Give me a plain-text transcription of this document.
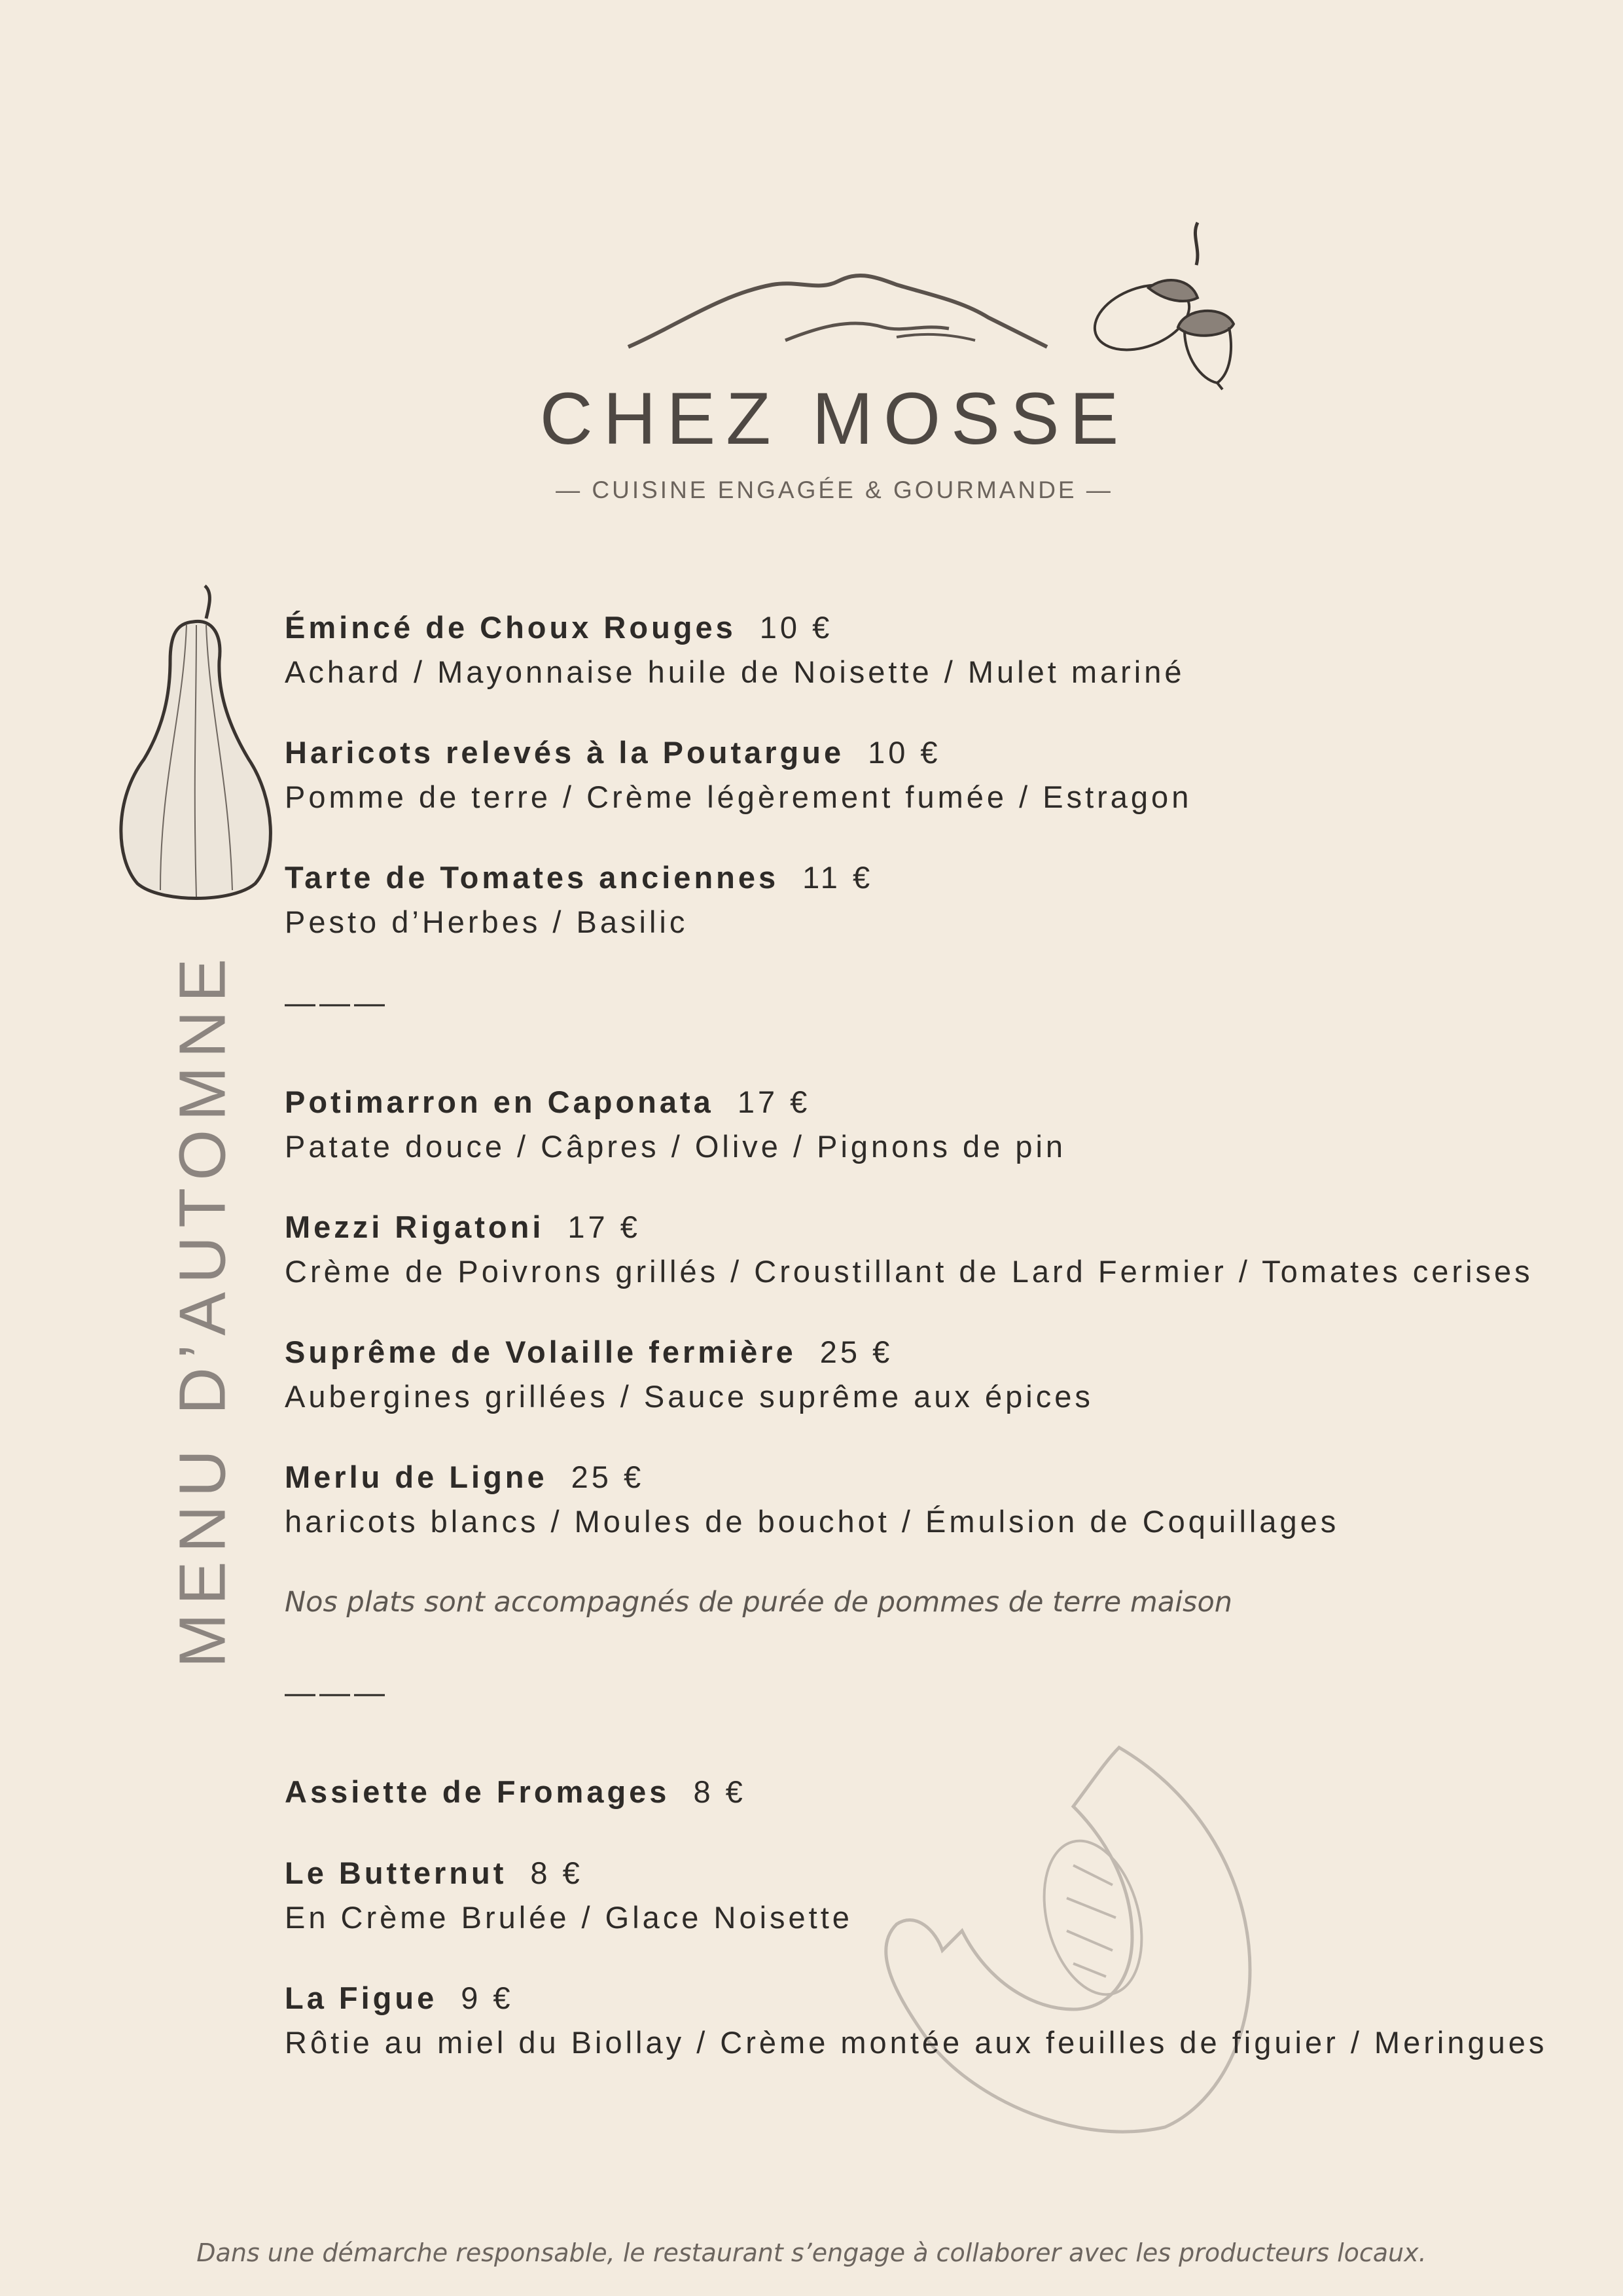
CHEZ MOSSE
— CUISINE ENGAGÉE & GOURMANDE —
MENU D’AUTOMNE
Émincé de Choux Rouges 10 €
Achard / Mayonnaise huile de Noisette / Mulet mariné
Haricots relevés à la Poutargue 10 €
Pomme de terre / Crème légèrement fumée / Estragon
Tarte de Tomates anciennes 11 €
Pesto d’Herbes / Basilic
———
Potimarron en Caponata 17 €
Patate douce / Câpres / Olive / Pignons de pin
Mezzi Rigatoni 17 €
Crème de Poivrons grillés / Croustillant de Lard Fermier / Tomates cerises
Suprême de Volaille fermière 25 €
Aubergines grillées / Sauce suprême aux épices
Merlu de Ligne 25 €
haricots blancs / Moules de bouchot / Émulsion de Coquillages
Nos plats sont accompagnés de purée de pommes de terre maison
———
Assiette de Fromages 8 €
Le Butternut 8 €
En Crème Brulée / Glace Noisette
La Figue 9 €
Rôtie au miel du Biollay / Crème montée aux feuilles de figuier / Meringues
Dans une démarche responsable, le restaurant s’engage à collaborer avec les producteurs locaux.
